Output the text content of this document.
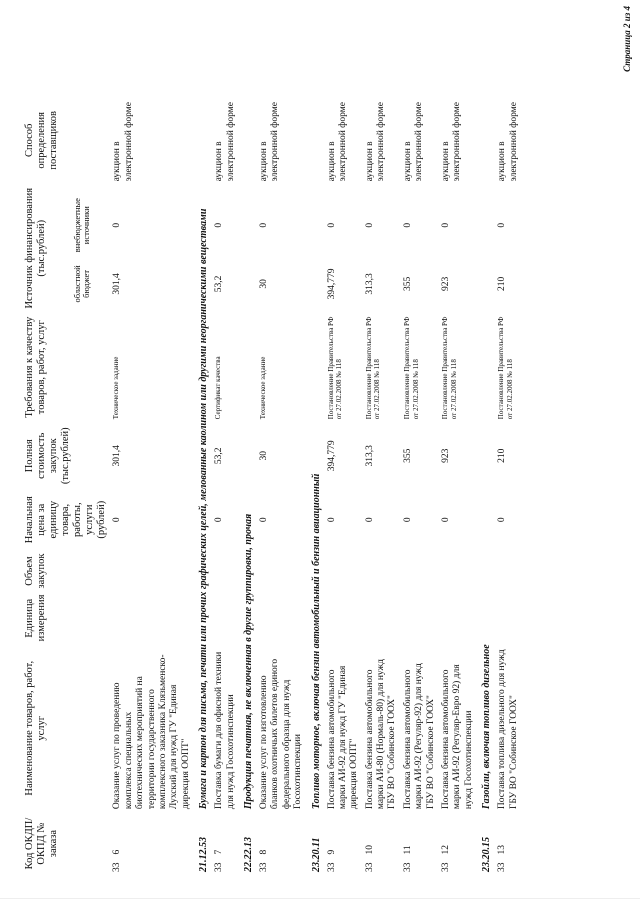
Код ОКДП/ ОКПД № заказа	Наименование товаров, работ, услуг	Единица измерения	Объем закупок	Начальная цена за единицу товара, работы, услуги (рублей)	Полная стоимость закупок (тыс.рублей)	Требования к качеству товаров, работ, услуг	Источник финансирования (тыс.рублей)			Способ определения поставщиков	
							областной бюджет	внебюджетные источники			
336	Оказание услуг по проведению комплекса специальных биотехнических мероприятий на территории государственного комплексного заказника Клязьменско-Лухский для нужд ГУ "Единая дирекция ООПТ"			0	301,4	Техническое задание	301,4	0		аукцион в электронной форме	
21.12.53	Бумага и картон для письма, печати или прочих графических целей, мелованные каолином или другими неорганическими веществами										
337	Поставка бумаги для офисной техники для нужд Госохотинспекции			0	53,2	Сертификат качества	53,2	0		аукцион в электронной форме	
22.22.13	Продукция печатная, не включенная в другие группировки, прочая										
338	Оказание услуг по изготовлению бланков охотничьих билетов единого федерального образца для нужд Госохотинспекции			0	30	Техническое задание	30	0		аукцион в электронной форме	
23.20.11	Топливо моторное, включая бензин автомобильный и бензин авиационный										
339	Поставка бензина автомобильного марки АИ-92 для нужд ГУ "Единая дирекция ООПТ"			0	394,779	Постановление Правительства РФ от 27.02.2008 № 118	394,779	0		аукцион в электронной форме	
3310	Поставка бензина автомобильного марки АИ-80 (Нормаль-80) для нужд ГБУ ВО "Собинское ГООХ"			0	313,3	Постановление Правительства РФ от 27.02.2008 № 118	313,3	0		аукцион в электронной форме	
3311	Поставка бензина автомобильного марки АИ-92 (Регуляр-92) для нужд ГБУ ВО "Собинское ГООХ"			0	355	Постановление Правительства РФ от 27.02.2008 № 118	355	0		аукцион в электронной форме	
3312	Поставка бензина автомобильного марки АИ-92 (Регуляр-Евро 92) для нужд Госохотинспекции			0	923	Постановление Правительства РФ от 27.02.2008 № 118	923	0		аукцион в электронной форме	
23.20.15	Газойли, включая топливо дизельное										
3313	Поставка топлива дизельного для нужд ГБУ ВО "Собинское ГООХ"			0	210	Постановление Правительства РФ от 27.02.2008 № 118	210	0		аукцион в электронной форме	
Страница 2 из 4
